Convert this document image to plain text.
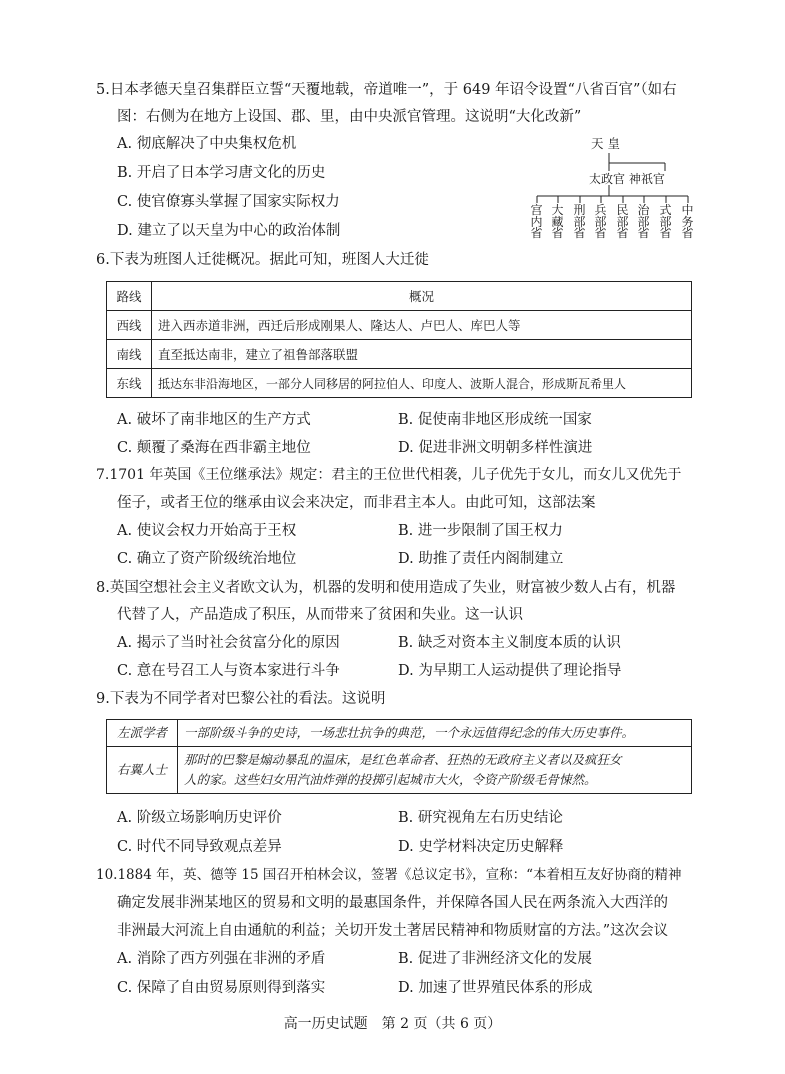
5.日本孝德天皇召集群臣立誓“天覆地载，帝道唯一”，于 649 年诏令设置“八省百官”（如右
图：右侧为在地方上设国、郡、里，由中央派官管理。这说明“大化改新”
A. 彻底解决了中央集权危机
B. 开启了日本学习唐文化的历史
C. 使官僚寡头掌握了国家实际权力
D. 建立了以天皇为中心的政治体制
天 皇
太政官 神祇官
宫
内
省
大
藏
省
刑
部
省
兵
部
省
民
部
省
治
部
省
式
部
省
中
务
省
6.下表为班图人迁徙概况。据此可知，班图人大迁徙
路线	概况
西线	进入西赤道非洲，西迁后形成刚果人、隆达人、卢巴人、库巴人等
南线	直至抵达南非，建立了祖鲁部落联盟
东线	抵达东非沿海地区，一部分人同移居的阿拉伯人、印度人、波斯人混合，形成斯瓦希里人
A. 破坏了南非地区的生产方式	B. 促使南非地区形成统一国家
C. 颠覆了桑海在西非霸主地位	D. 促进非洲文明朝多样性演进
7.1701 年英国《王位继承法》规定：君主的王位世代相袭，儿子优先于女儿，而女儿又优先于
侄子，或者王位的继承由议会来决定，而非君主本人。由此可知，这部法案
A. 使议会权力开始高于王权	B. 进一步限制了国王权力
C. 确立了资产阶级统治地位	D. 助推了责任内阁制建立
8.英国空想社会主义者欧文认为，机器的发明和使用造成了失业，财富被少数人占有，机器
代替了人，产品造成了积压，从而带来了贫困和失业。这一认识
A. 揭示了当时社会贫富分化的原因	B. 缺乏对资本主义制度本质的认识
C. 意在号召工人与资本家进行斗争	D. 为早期工人运动提供了理论指导
9.下表为不同学者对巴黎公社的看法。这说明
左派学者	一部阶级斗争的史诗，一场悲壮抗争的典范，一个永远值得纪念的伟大历史事件。
右翼人士	那时的巴黎是煽动暴乱的温床，是红色革命者、狂热的无政府主义者以及疯狂女
人的家。这些妇女用汽油炸弹的投掷引起城市大火，令资产阶级毛骨悚然。
A. 阶级立场影响历史评价	B. 研究视角左右历史结论
C. 时代不同导致观点差异	D. 史学材料决定历史解释
10.1884 年，英、德等 15 国召开柏林会议，签署《总议定书》，宣称：“本着相互友好协商的精神
确定发展非洲某地区的贸易和文明的最惠国条件，并保障各国人民在两条流入大西洋的
非洲最大河流上自由通航的利益；关切开发土著居民精神和物质财富的方法。”这次会议
A. 消除了西方列强在非洲的矛盾	B. 促进了非洲经济文化的发展
C. 保障了自由贸易原则得到落实	D. 加速了世界殖民体系的形成
高一历史试题　第 2 页（共 6 页）
